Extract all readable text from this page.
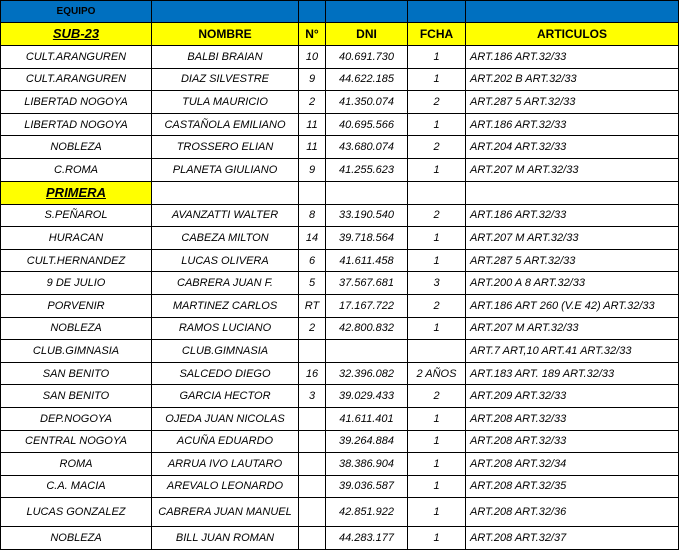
EQUIPO					
SUB-23	NOMBRE	N°	DNI	FCHA	ARTICULOS
CULT.ARANGUREN	BALBI BRAIAN	10	40.691.730	1	ART.186 ART.32/33
CULT.ARANGUREN	DIAZ SILVESTRE	9	44.622.185	1	ART.202 B ART.32/33
LIBERTAD NOGOYA	TULA MAURICIO	2	41.350.074	2	ART.287 5 ART.32/33
LIBERTAD NOGOYA	CASTAÑOLA EMILIANO	11	40.695.566	1	ART.186 ART.32/33
NOBLEZA	TROSSERO ELIAN	11	43.680.074	2	ART.204 ART.32/33
C.ROMA	PLANETA GIULIANO	9	41.255.623	1	ART.207 M ART.32/33
PRIMERA					
S.PEÑAROL	AVANZATTI WALTER	8	33.190.540	2	ART.186 ART.32/33
HURACAN	CABEZA MILTON	14	39.718.564	1	ART.207 M ART.32/33
CULT.HERNANDEZ	LUCAS OLIVERA	6	41.611.458	1	ART.287 5 ART.32/33
9 DE JULIO	CABRERA JUAN F.	5	37.567.681	3	ART.200 A 8 ART.32/33
PORVENIR	MARTINEZ CARLOS	RT	17.167.722	2	ART.186 ART 260 (V.E 42) ART.32/33
NOBLEZA	RAMOS LUCIANO	2	42.800.832	1	ART.207 M ART.32/33
CLUB.GIMNASIA	CLUB.GIMNASIA				ART.7 ART,10 ART.41 ART.32/33
SAN BENITO	SALCEDO DIEGO	16	32.396.082	2 AÑOS	ART.183 ART. 189 ART.32/33
SAN BENITO	GARCIA HECTOR	3	39.029.433	2	ART.209 ART.32/33
DEP.NOGOYA	OJEDA JUAN NICOLAS		41.611.401	1	ART.208 ART.32/33
CENTRAL NOGOYA	ACUÑA EDUARDO		39.264.884	1	ART.208 ART.32/33
ROMA	ARRUA IVO LAUTARO		38.386.904	1	ART.208 ART.32/34
C.A. MACIA	AREVALO LEONARDO		39.036.587	1	ART.208 ART.32/35
LUCAS GONZALEZ	CABRERA JUAN MANUEL		42.851.922	1	ART.208 ART.32/36
NOBLEZA	BILL JUAN ROMAN		44.283.177	1	ART.208 ART.32/37
